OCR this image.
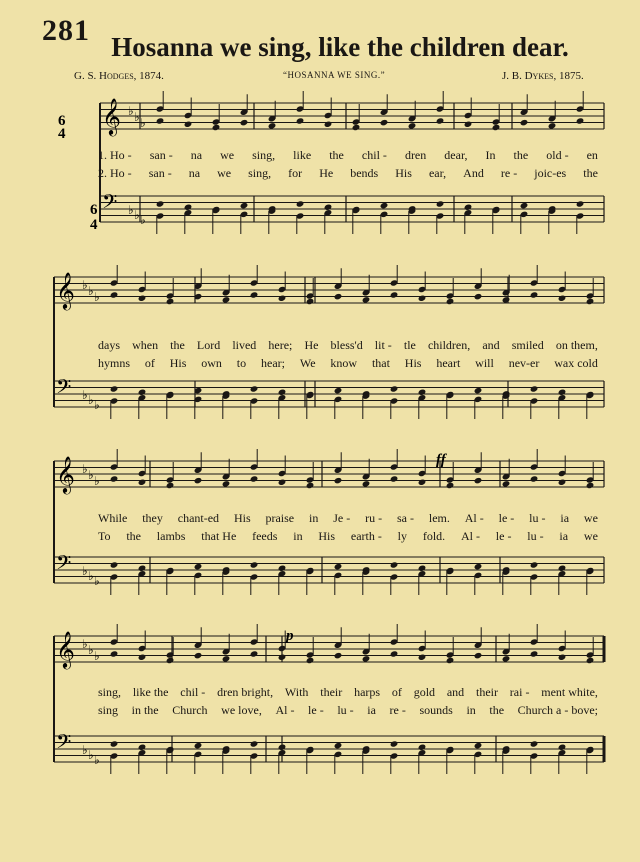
281 Hosanna we sing, like the children dear.
G. S. Hodges, 1874.	“HOSANNA WE SING.”	J. B. Dykes, 1875.
𝄞 ♭ ♭ ♭
𝄢 ♭ ♭ ♭
𝄞 ♭ ♭ ♭
𝄢 ♭ ♭ ♭
𝄞 ♭ ♭ ♭
𝄢 ♭ ♭ ♭
𝄞 ♭ ♭ ♭
𝄢 ♭ ♭ ♭
6
4
6
4
ff
p
1. Ho - san - na we sing, like the chil - dren dear, In the old - en
2. Ho - san - na we sing, for He bends His ear, And re - joic-es the
days when the Lord lived here; He bless'd lit - tle children, and smiled on them,
hymns of His own to hear; We know that His heart will nev-er wax cold
While they chant-ed His praise in Je - ru - sa - lem. Al - le - lu - ia we
To the lambs that He feeds in His earth - ly fold. Al - le - lu - ia we
sing, like the chil - dren bright, With their harps of gold and their rai - ment white,
sing in the Church we love, Al - le - lu - ia re - sounds in the Church a - bove;
